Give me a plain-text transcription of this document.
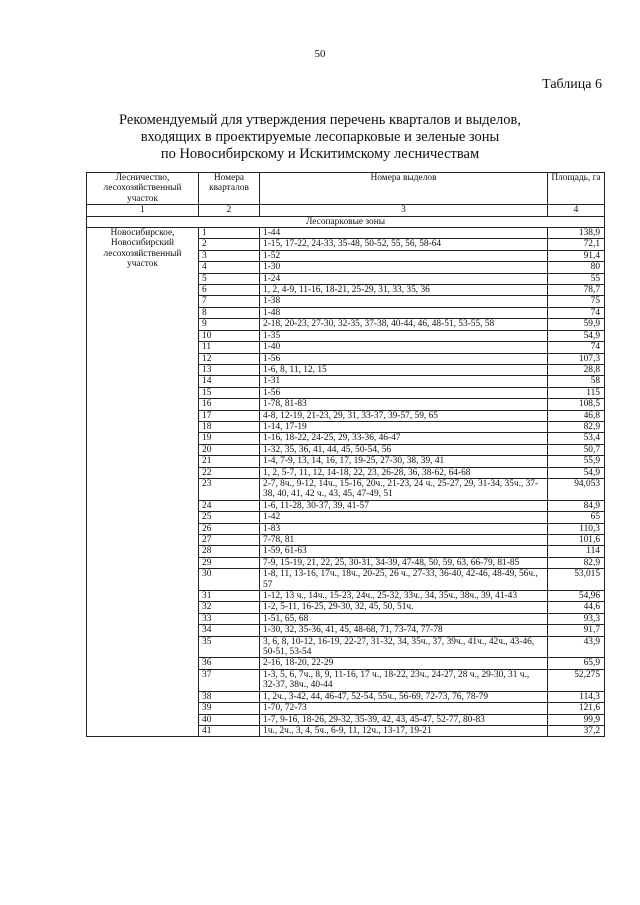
50
Таблица 6
Рекомендуемый для утверждения перечень кварталов и выделов,
входящих в проектируемые лесопарковые и зеленые зоны
по Новосибирскому и Искитимскому лесничествам
Лесничество, лесохозяйственный участок	Номера кварталов	Номера выделов	Площадь, га
1	2	3	4
Лесопарковые зоны			
Новосибирское, Новосибирский лесохозяйственный участок	1	1-44	138,9
	2	1-15, 17-22, 24-33, 35-48, 50-52, 55, 56, 58-64	72,1
	3	1-52	91,4
	4	1-30	80
	5	1-24	55
	6	1, 2, 4-9, 11-16, 18-21, 25-29, 31, 33, 35, 36	78,7
	7	1-38	75
	8	1-48	74
	9	2-18, 20-23, 27-30, 32-35, 37-38, 40-44, 46, 48-51, 53-55, 58	59,9
	10	1-35	54,9
	11	1-40	74
	12	1-56	107,3
	13	1-6, 8, 11, 12, 15	28,8
	14	1-31	58
	15	1-56	115
	16	1-78, 81-83	108,5
	17	4-8, 12-19, 21-23, 29, 31, 33-37, 39-57, 59, 65	46,8
	18	1-14, 17-19	82,9
	19	1-16, 18-22, 24-25, 29, 33-36, 46-47	53,4
	20	1-32, 35, 36, 41, 44, 45, 50-54, 56	50,7
	21	1-4, 7-9, 13, 14, 16, 17, 19-25, 27-30, 38, 39, 41	55,9
	22	1, 2, 5-7, 11, 12, 14-18, 22, 23, 26-28, 36, 38-62, 64-68	54,9
	23	2-7, 8ч., 9-12, 14ч., 15-16, 20ч., 21-23, 24 ч., 25-27, 29, 31-34, 35ч., 37-38, 40, 41, 42 ч., 43, 45, 47-49, 51	94,053
	24	1-6, 11-28, 30-37, 39, 41-57	84,9
	25	1-42	65
	26	1-83	110,3
	27	7-78, 81	101,6
	28	1-59, 61-63	114
	29	7-9, 15-19, 21, 22, 25, 30-31, 34-39, 47-48, 50, 59, 63, 66-79, 81-85	82,9
	30	1-8, 11, 13-16, 17ч., 18ч., 20-25, 26 ч., 27-33, 36-40, 42-46, 48-49, 56ч., 57	53,015
	31	1-12, 13 ч., 14ч., 15-23, 24ч., 25-32, 33ч., 34, 35ч., 38ч., 39, 41-43	54,96
	32	1-2, 5-11, 16-25, 29-30, 32, 45, 50, 51ч.	44,6
	33	1-51, 65, 68	93,3
	34	1-30, 32, 35-36, 41, 45, 48-68, 71, 73-74, 77-78	91,7
	35	3, 6, 8, 10-12, 16-19, 22-27, 31-32, 34, 35ч., 37, 39ч., 41ч., 42ч., 43-46, 50-51, 53-54	43,9
	36	2-16, 18-20, 22-29	65,9
	37	1-3, 5, 6, 7ч., 8, 9, 11-16, 17 ч., 18-22, 23ч., 24-27, 28 ч., 29-30, 31 ч., 32-37, 38ч., 40-44	52,275
	38	1, 2ч., 3-42, 44, 46-47, 52-54, 55ч., 56-69, 72-73, 76, 78-79	114,3
	39	1-70, 72-73	121,6
	40	1-7, 9-16, 18-26, 29-32, 35-39, 42, 43, 45-47, 52-77, 80-83	99,9
	41	1ч., 2ч., 3, 4, 5ч., 6-9, 11, 12ч., 13-17, 19-21	37,2
